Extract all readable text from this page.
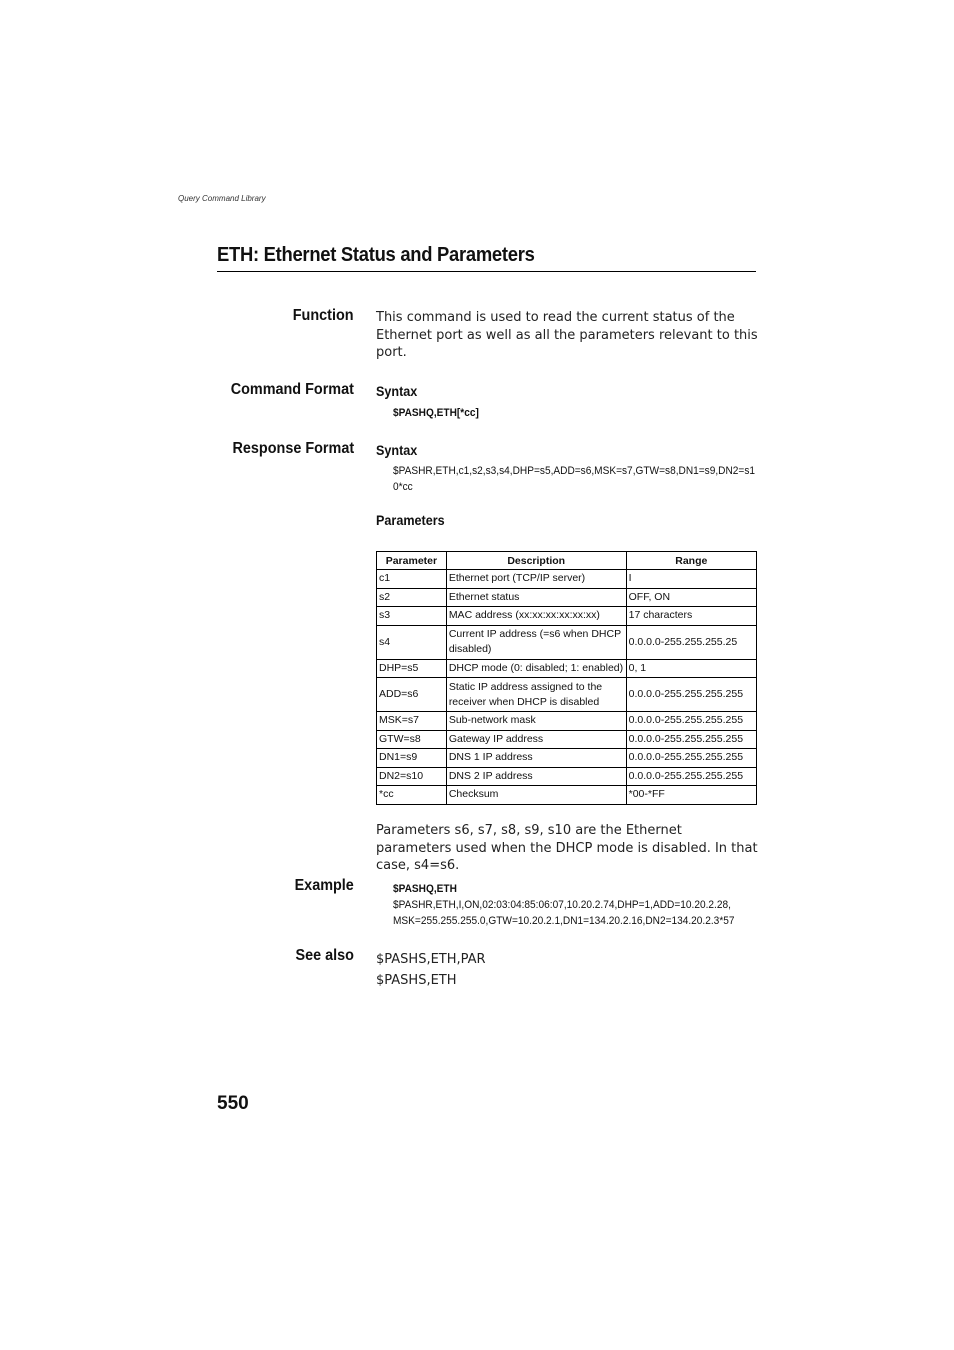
Query Command Library
ETH: Ethernet Status and Parameters
Function This command is used to read the current status of the Ethernet port as well as all the parameters relevant to this port.
Command Format Syntax
$PASHQ,ETH[*cc]
Response Format Syntax
$PASHR,ETH,c1,s2,s3,s4,DHP=s5,ADD=s6,MSK=s7,GTW=s8,DN1=s9,DN2=s10*cc
Parameters
Parameter	Description	Range
c1	Ethernet port (TCP/IP server)	I
s2	Ethernet status	OFF, ON
s3	MAC address (xx:xx:xx:xx:xx:xx)	17 characters
s4	Current IP address (=s6 when DHCP disabled)	0.0.0.0-255.255.255.25
DHP=s5	DHCP mode (0: disabled; 1: enabled)	0, 1
ADD=s6	Static IP address assigned to the receiver when DHCP is disabled	0.0.0.0-255.255.255.255
MSK=s7	Sub-network mask	0.0.0.0-255.255.255.255
GTW=s8	Gateway IP address	0.0.0.0-255.255.255.255
DN1=s9	DNS 1 IP address	0.0.0.0-255.255.255.255
DN2=s10	DNS 2 IP address	0.0.0.0-255.255.255.255
*cc	Checksum	*00-*FF
Parameters s6, s7, s8, s9, s10 are the Ethernet parameters used when the DHCP mode is disabled. In that case, s4=s6.
Example	$PASHQ,ETH
$PASHR,ETH,I,ON,02:03:04:85:06:07,10.20.2.74,DHP=1,ADD=10.20.2.28,
MSK=255.255.255.0,GTW=10.20.2.1,DN1=134.20.2.16,DN2=134.20.2.3*57
See also $PASHS,ETH,PAR
$PASHS,ETH
550
